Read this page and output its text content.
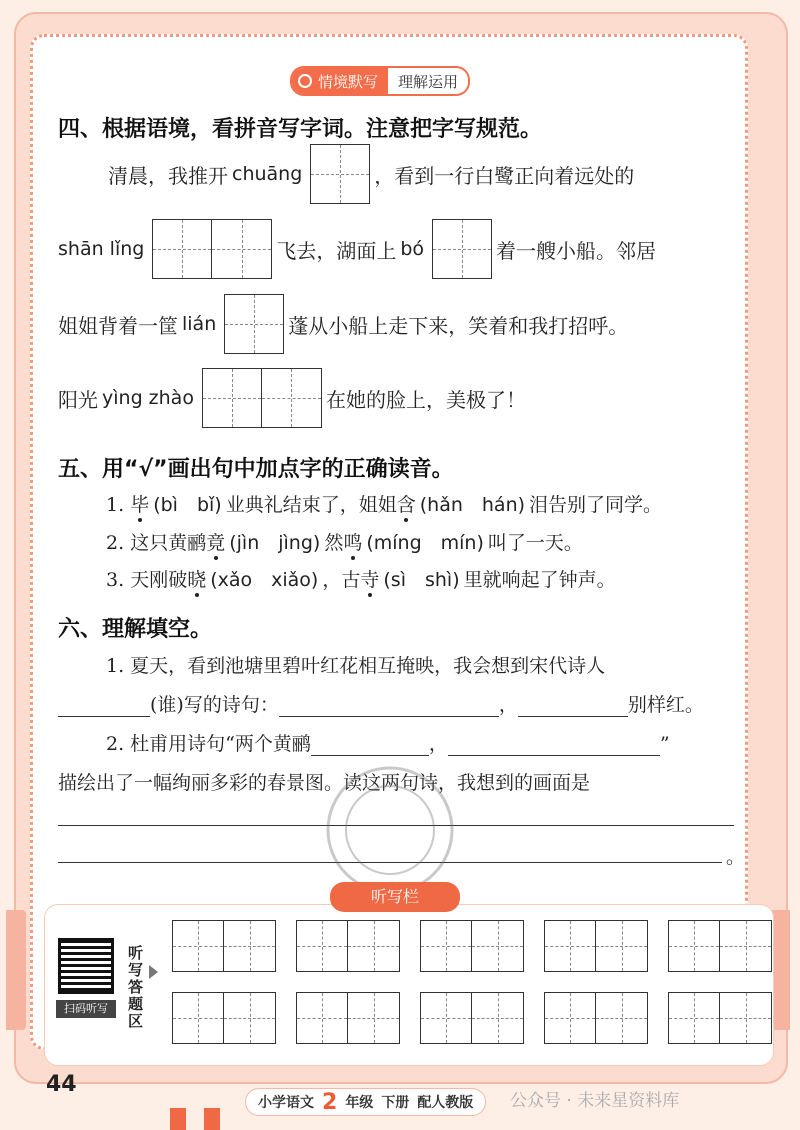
情境默写	理解运用
四、根据语境，看拼音写字词。注意把字写规范。
清晨，我推开 chuāng	，看到一行白鹭正向着远处的
shān lǐng	飞去，湖面上 bó	着一艘小船。邻居
姐姐背着一筐 lián	蓬从小船上走下来，笑着和我打招呼。
阳光 yìng zhào	在她的脸上，美极了！
五、用“√”画出句中加点字的正确读音。
1. 毕 (bì　bǐ) 业典礼结束了，姐姐含 (hǎn　hán) 泪告别了同学。
2. 这只黄鹂竟 (jìn　jìng) 然鸣 (míng　mín) 叫了一天。
3. 天刚破晓 (xǎo　xiǎo) ，古寺 (sì　shì) 里就响起了钟声。
六、理解填空。
1. 夏天，看到池塘里碧叶红花相互掩映，我会想到宋代诗人
(谁)写的诗句：	，	别样红。
2. 杜甫用诗句“两个黄鹂	，	”
描绘出了一幅绚丽多彩的春景图。读这两句诗，我想到的画面是
。
听写栏
扫码听写
听写答题区
44
小学语文 2 年级 下册 配人教版 公众号 · 未来星资料库
